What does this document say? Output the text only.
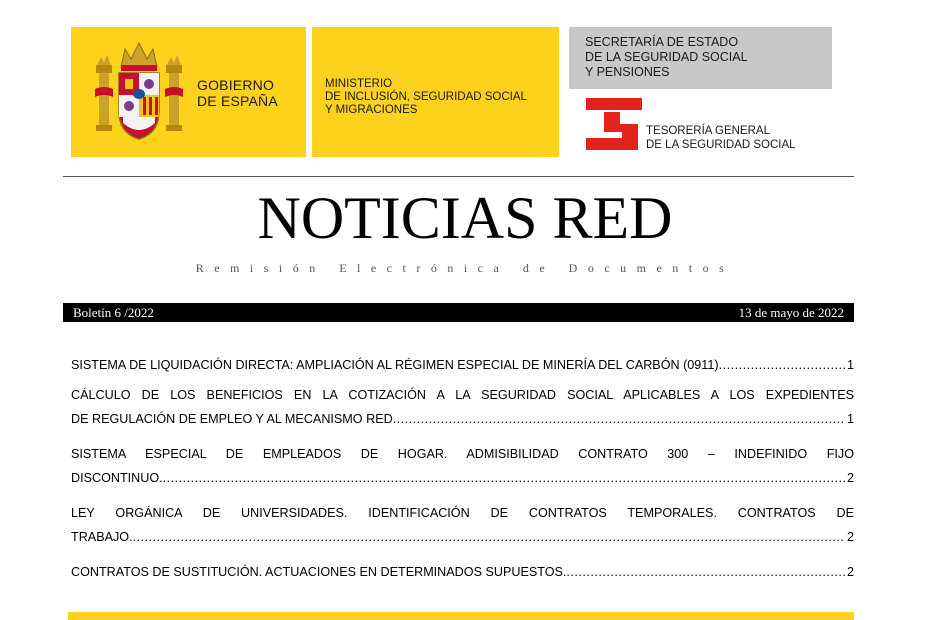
GOBIERNO
DE ESPAÑA
MINISTERIO
DE INCLUSIÓN, SEGURIDAD SOCIAL
Y MIGRACIONES
SECRETARÍA DE ESTADO
DE LA SEGURIDAD SOCIAL
Y PENSIONES
TESORERÍA GENERAL
DE LA SEGURIDAD SOCIAL
NOTICIAS RED
Remisión Electrónica de Documentos
Boletín 6 /2022	13 de mayo de 2022
SISTEMA DE LIQUIDACIÓN DIRECTA: AMPLIACIÓN AL RÉGIMEN ESPECIAL DE MINERÍA DEL CARBÓN (0911) .....	1
CÁLCULO DE LOS BENEFICIOS EN LA COTIZACIÓN A LA SEGURIDAD SOCIAL APLICABLES A LOS EXPEDIENTES
DE REGULACIÓN DE EMPLEO Y AL MECANISMO RED .....	1
SISTEMA ESPECIAL DE EMPLEADOS DE HOGAR. ADMISIBILIDAD CONTRATO 300 – INDEFINIDO FIJO
DISCONTINUO. .....	2
LEY ORGÁNICA DE UNIVERSIDADES. IDENTIFICACIÓN DE CONTRATOS TEMPORALES. CONTRATOS DE
TRABAJO. .....	2
CONTRATOS DE SUSTITUCIÓN. ACTUACIONES EN DETERMINADOS SUPUESTOS. .....	2
